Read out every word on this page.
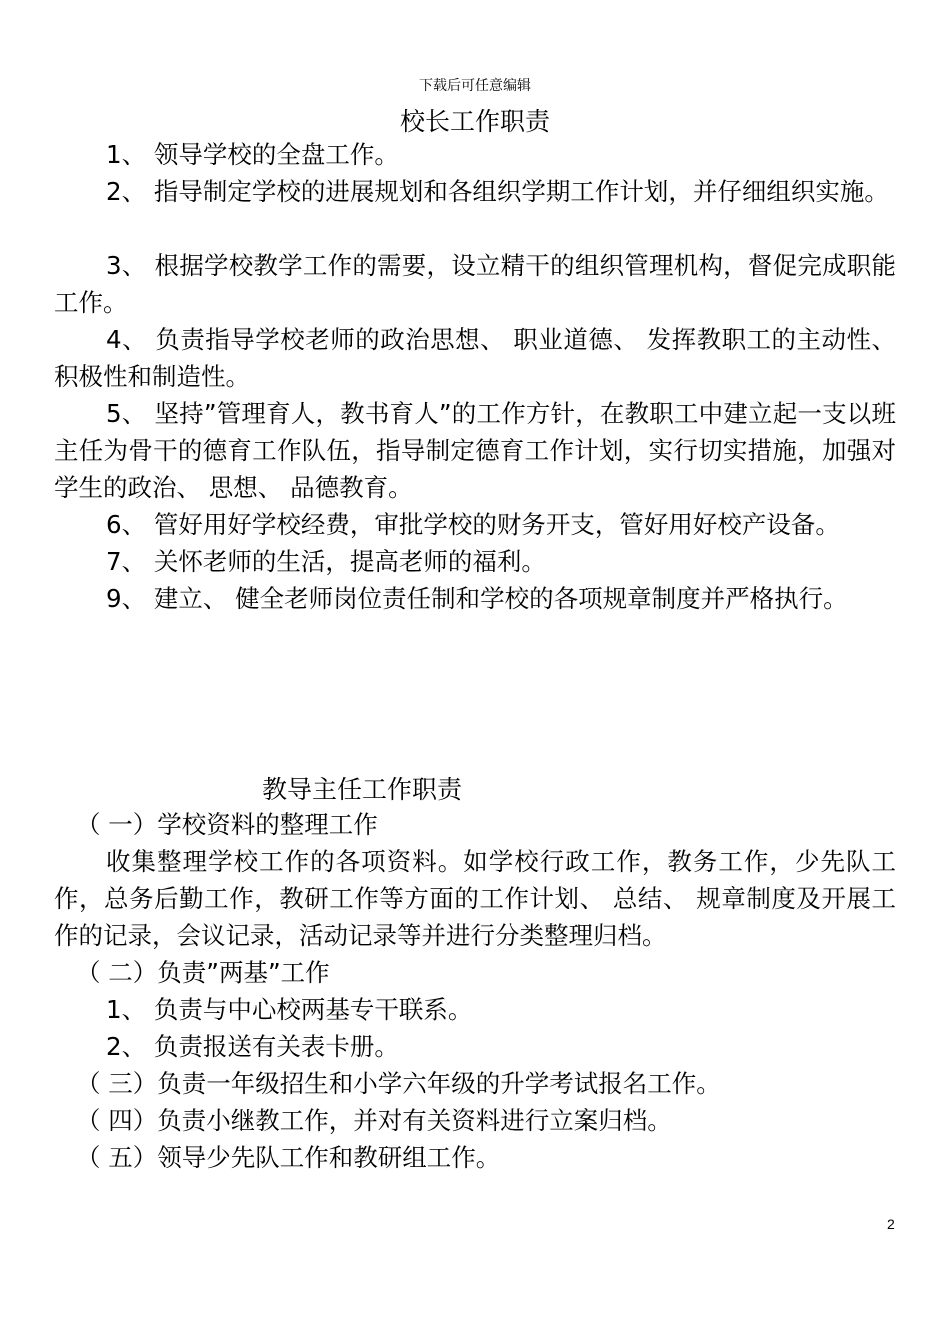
下载后可任意编辑
校长工作职责

1、 领导学校的全盘工作。

2、 指导制定学校的进展规划和各组织学期工作计划，并仔细组织实施。

3、 根据学校教学工作的需要，设立精干的组织管理机构，督促完成职能工作。

4、 负责指导学校老师的政治思想、 职业道德、 发挥教职工的主动性、 积极性和制造性。

5、 坚持”管理育人，教书育人”的工作方针，在教职工中建立起一支以班主任为骨干的德育工作队伍，指导制定德育工作计划，实行切实措施，加强对学生的政治、 思想、 品德教育。

6、 管好用好学校经费，审批学校的财务开支，管好用好校产设备。

7、 关怀老师的生活，提高老师的福利。

9、 建立、 健全老师岗位责任制和学校的各项规章制度并严格执行。

教导主任工作职责
（ 一）学校资料的整理工作

收集整理学校工作的各项资料。如学校行政工作，教务工作，少先队工作，总务后勤工作，教研工作等方面的工作计划、 总结、 规章制度及开展工作的记录，会议记录，活动记录等并进行分类整理归档。

（ 二）负责”两基”工作
1、 负责与中心校两基专干联系。
2、 负责报送有关表卡册。
（ 三）负责一年级招生和小学六年级的升学考试报名工作。
（ 四）负责小继教工作，并对有关资料进行立案归档。
（ 五）领导少先队工作和教研组工作。
2
